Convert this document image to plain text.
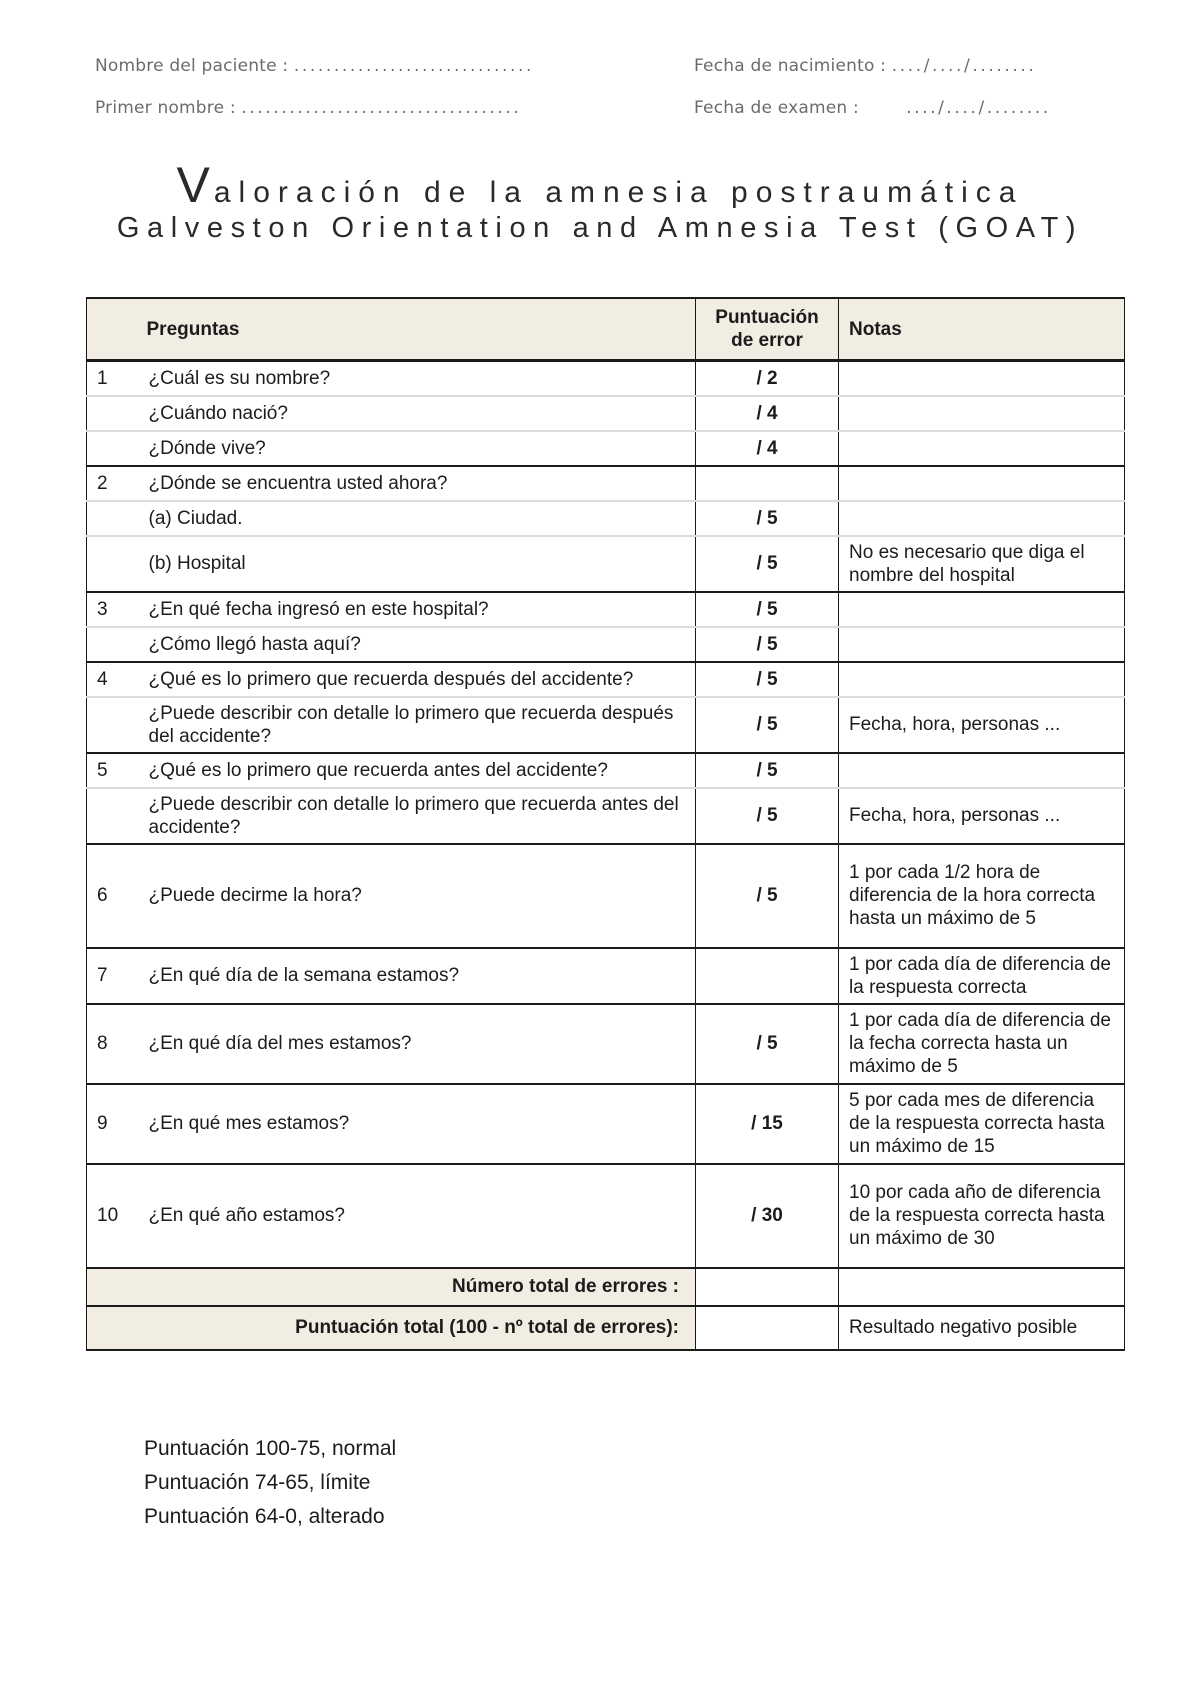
Nombre del paciente : ..............................	Fecha de nacimiento : ..../..../........
Primer nombre : ...................................	Fecha de examen :	..../..../........
Valoración de la amnesia postraumática
Galveston Orientation and Amnesia Test (GOAT)
	Preguntas	Puntuación de error	Notas
1	¿Cuál es su nombre?	/ 2	
	¿Cuándo nació?	/ 4	
	¿Dónde vive?	/ 4	
2	¿Dónde se encuentra usted ahora?		
	(a) Ciudad.	/ 5	
	(b) Hospital	/ 5	No es necesario que diga el nombre del hospital
3	¿En qué fecha ingresó en este hospital?	/ 5	
	¿Cómo llegó hasta aquí?	/ 5	
4	¿Qué es lo primero que recuerda después del accidente?	/ 5	
	¿Puede describir con detalle lo primero que recuerda después del accidente?	/ 5	Fecha, hora, personas ...
5	¿Qué es lo primero que recuerda antes del accidente?	/ 5	
	¿Puede describir con detalle lo primero que recuerda antes del accidente?	/ 5	Fecha, hora, personas ...
6	¿Puede decirme la hora?	/ 5	1 por cada 1/2 hora de diferencia de la hora correcta hasta un máximo de 5
7	¿En qué día de la semana estamos?		1 por cada día de diferencia de la respuesta correcta
8	¿En qué día del mes estamos?	/ 5	1 por cada día de diferencia de la fecha correcta hasta un máximo de 5
9	¿En qué mes estamos?	/ 15	5 por cada mes de diferencia de la respuesta correcta hasta un máximo de 15
10	¿En qué año estamos?	/ 30	10 por cada año de diferencia de la respuesta correcta hasta un máximo de 30
Número total de errores :			
Puntuación total (100 - nº total de errores):			Resultado negativo posible
Puntuación 100-75, normal
Puntuación 74-65, límite
Puntuación 64-0, alterado
